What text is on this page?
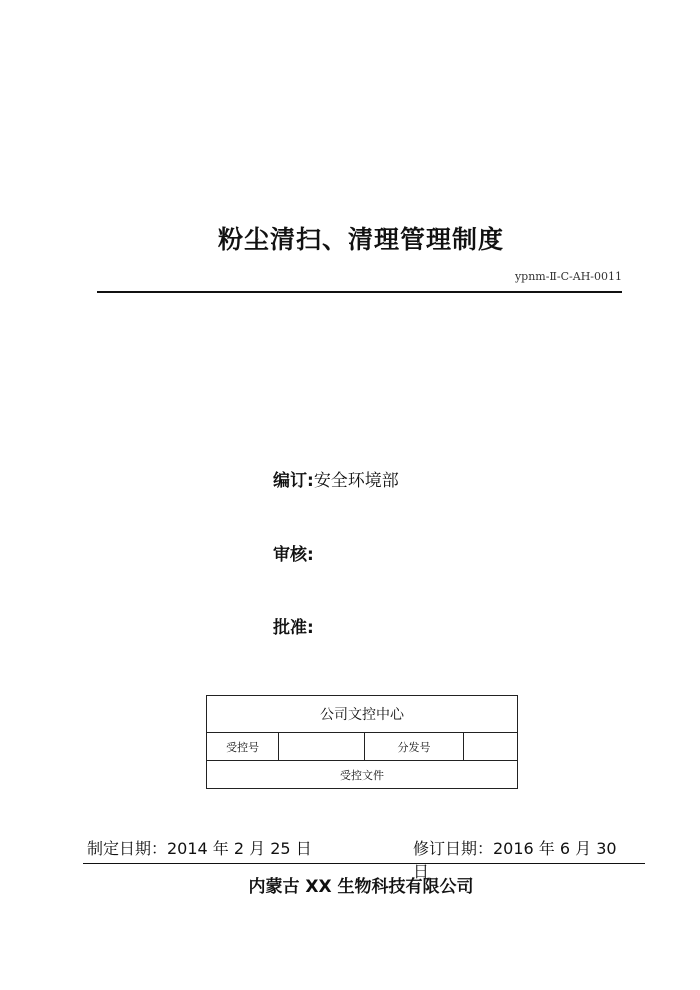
粉尘清扫、清理管理制度
ypnm-Ⅱ-C-AH-0011
编订:安全环境部
审核:
批准:
公司文控中心
受控号		分发号	
受控文件
制定日期：2014 年 2 月 25 日	修订日期：2016 年 6 月 30 日
内蒙古 XX 生物科技有限公司
